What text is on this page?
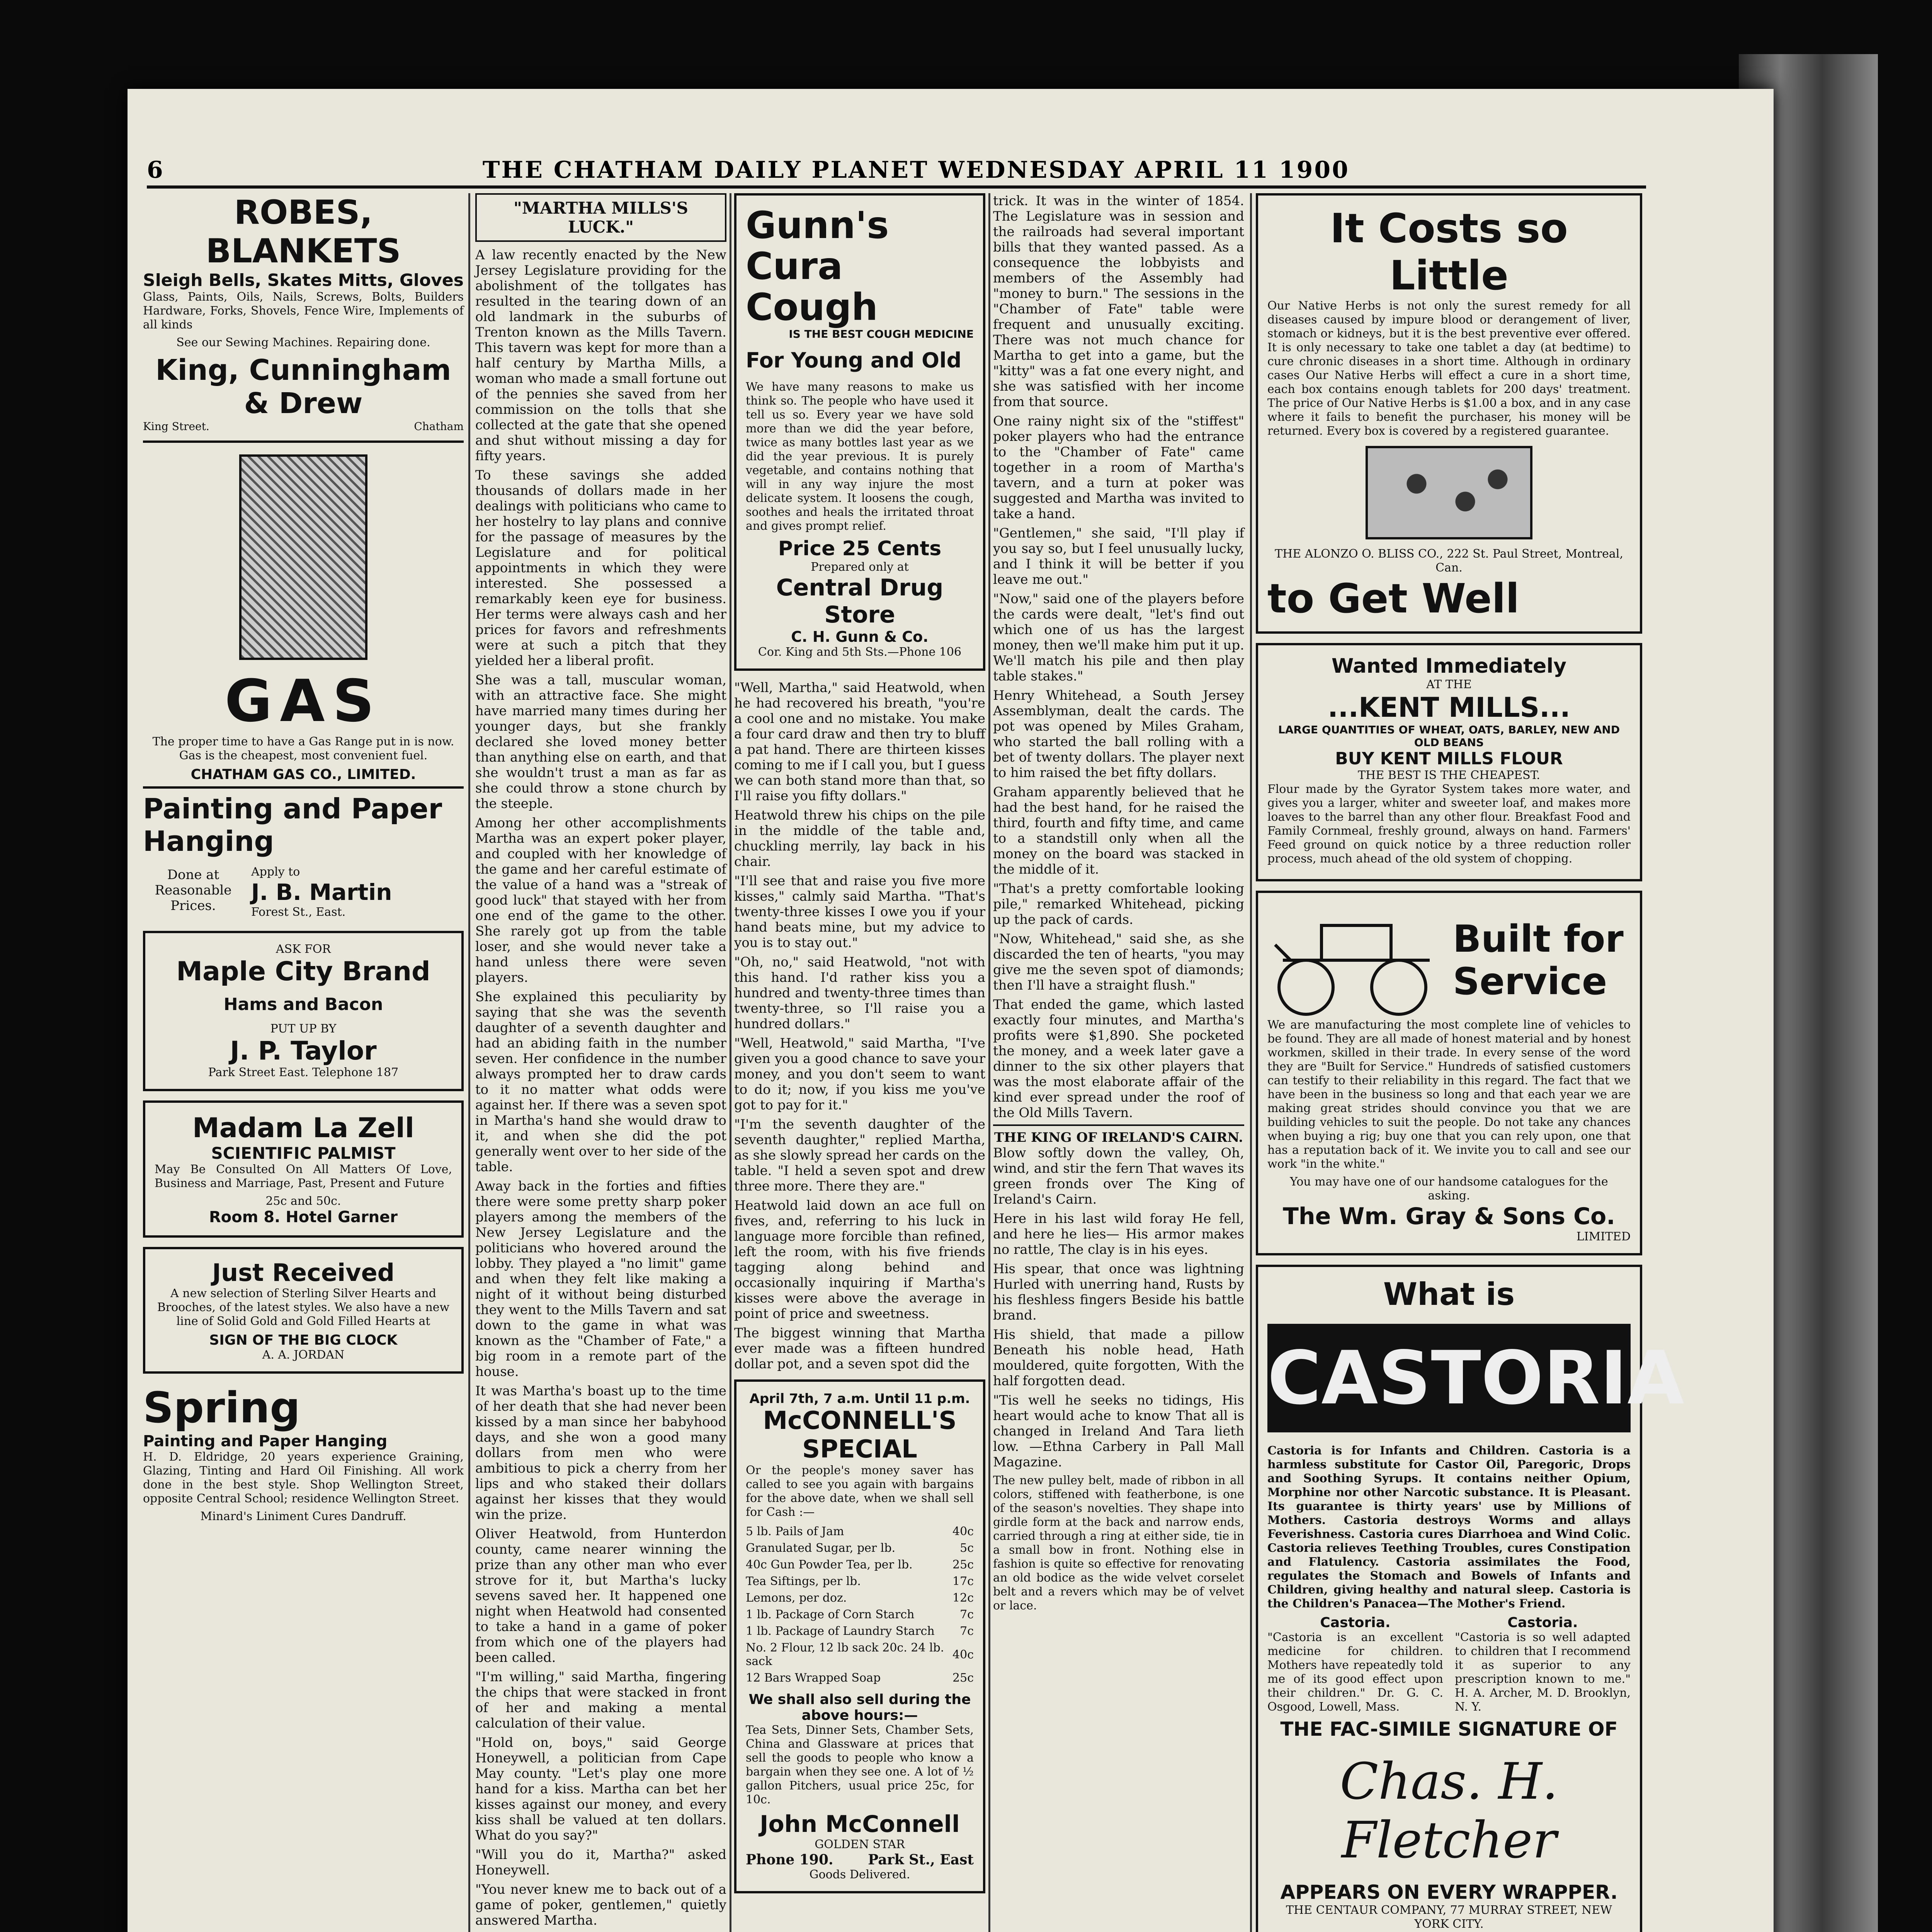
6	THE CHATHAM DAILY PLANET WEDNESDAY APRIL 11 1900
ROBES, BLANKETS
Sleigh Bells, Skates Mitts, Gloves

Glass, Paints, Oils, Nails, Screws, Bolts, Builders Hardware, Forks, Shovels, Fence Wire, Implements of all kinds

See our Sewing Machines. Repairing done.

King, Cunningham & Drew
King Street.	Chatham
GAS

The proper time to have a Gas Range put in is now. Gas is the cheapest, most convenient fuel.

CHATHAM GAS CO., LIMITED.
Painting and Paper Hanging

Done at Reasonable Prices.

Apply to
J. B. Martin
Forest St., East.
ASK FOR
Maple City Brand
Hams and Bacon
PUT UP BY
J. P. Taylor
Park Street East. Telephone 187
Madam La Zell
SCIENTIFIC PALMIST

May Be Consulted On All Matters Of Love, Business and Marriage, Past, Present and Future

25c and 50c.
Room 8. Hotel Garner
Just Received

A new selection of Sterling Silver Hearts and Brooches, of the latest styles. We also have a new line of Solid Gold and Gold Filled Hearts at

SIGN OF THE BIG CLOCK
A. A. JORDAN
Spring
Painting and Paper Hanging

H. D. Eldridge, 20 years experience Graining, Glazing, Tinting and Hard Oil Finishing. All work done in the best style. Shop Wellington Street, opposite Central School; residence Wellington Street.

Minard's Liniment Cures Dandruff.
"MARTHA MILLS'S LUCK."

A law recently enacted by the New Jersey Legislature providing for the abolishment of the tollgates has resulted in the tearing down of an old landmark in the suburbs of Trenton known as the Mills Tavern. This tavern was kept for more than a half century by Martha Mills, a woman who made a small fortune out of the pennies she saved from her commission on the tolls that she collected at the gate that she opened and shut without missing a day for fifty years.

To these savings she added thousands of dollars made in her dealings with politicians who came to her hostelry to lay plans and connive for the passage of measures by the Legislature and for political appointments in which they were interested. She possessed a remarkably keen eye for business. Her terms were always cash and her prices for favors and refreshments were at such a pitch that they yielded her a liberal profit.

She was a tall, muscular woman, with an attractive face. She might have married many times during her younger days, but she frankly declared she loved money better than anything else on earth, and that she wouldn't trust a man as far as she could throw a stone church by the steeple.

Among her other accomplishments Martha was an expert poker player, and coupled with her knowledge of the game and her careful estimate of the value of a hand was a "streak of good luck" that stayed with her from one end of the game to the other. She rarely got up from the table loser, and she would never take a hand unless there were seven players.

She explained this peculiarity by saying that she was the seventh daughter of a seventh daughter and had an abiding faith in the number seven. Her confidence in the number always prompted her to draw cards to it no matter what odds were against her. If there was a seven spot in Martha's hand she would draw to it, and when she did the pot generally went over to her side of the table.

Away back in the forties and fifties there were some pretty sharp poker players among the members of the New Jersey Legislature and the politicians who hovered around the lobby. They played a "no limit" game and when they felt like making a night of it without being disturbed they went to the Mills Tavern and sat down to the game in what was known as the "Chamber of Fate," a big room in a remote part of the house.

It was Martha's boast up to the time of her death that she had never been kissed by a man since her babyhood days, and she won a good many dollars from men who were ambitious to pick a cherry from her lips and who staked their dollars against her kisses that they would win the prize.

Oliver Heatwold, from Hunterdon county, came nearer winning the prize than any other man who ever strove for it, but Martha's lucky sevens saved her. It happened one night when Heatwold had consented to take a hand in a game of poker from which one of the players had been called.

"I'm willing," said Martha, fingering the chips that were stacked in front of her and making a mental calculation of their value.

"Hold on, boys," said George Honeywell, a politician from Cape May county. "Let's play one more hand for a kiss. Martha can bet her kisses against our money, and every kiss shall be valued at ten dollars. What do you say?"

"Will you do it, Martha?" asked Honeywell.

"You never knew me to back out of a game of poker, gentlemen," quietly answered Martha.

Gunn's Cura Cough
IS THE BEST COUGH MEDICINE
For Young and Old

We have many reasons to make us think so. The people who have used it tell us so. Every year we have sold more than we did the year before, twice as many bottles last year as we did the year previous. It is purely vegetable, and contains nothing that will in any way injure the most delicate system. It loosens the cough, soothes and heals the irritated throat and gives prompt relief.

Price 25 Cents
Prepared only at
Central Drug Store
C. H. Gunn & Co.
Cor. King and 5th Sts.—Phone 106

"Well, Martha," said Heatwold, when he had recovered his breath, "you're a cool one and no mistake. You make a four card draw and then try to bluff a pat hand. There are thirteen kisses coming to me if I call you, but I guess we can both stand more than that, so I'll raise you fifty dollars."

Heatwold threw his chips on the pile in the middle of the table and, chuckling merrily, lay back in his chair.

"I'll see that and raise you five more kisses," calmly said Martha. "That's twenty-three kisses I owe you if your hand beats mine, but my advice to you is to stay out."

"Oh, no," said Heatwold, "not with this hand. I'd rather kiss you a hundred and twenty-three times than twenty-three, so I'll raise you a hundred dollars."

"Well, Heatwold," said Martha, "I've given you a good chance to save your money, and you don't seem to want to do it; now, if you kiss me you've got to pay for it."

"I'm the seventh daughter of the seventh daughter," replied Martha, as she slowly spread her cards on the table. "I held a seven spot and drew three more. There they are."

Heatwold laid down an ace full on fives, and, referring to his luck in language more forcible than refined, left the room, with his five friends tagging along behind and occasionally inquiring if Martha's kisses were above the average in point of price and sweetness.

The biggest winning that Martha ever made was a fifteen hundred dollar pot, and a seven spot did the

April 7th, 7 a.m. Until 11 p.m.
McCONNELL'S SPECIAL

Or the people's money saver has called to see you again with bargains for the above date, when we shall sell for Cash :—

5 lb. Pails of Jam	40c
Granulated Sugar, per lb.	5c
40c Gun Powder Tea, per lb.	25c
Tea Siftings, per lb.	17c
Lemons, per doz.	12c
1 lb. Package of Corn Starch	7c
1 lb. Package of Laundry Starch	7c
No. 2 Flour, 12 lb sack 20c. 24 lb. sack	40c
12 Bars Wrapped Soap	25c
We shall also sell during the above hours:—

Tea Sets, Dinner Sets, Chamber Sets, China and Glassware at prices that sell the goods to people who know a bargain when they see one. A lot of ½ gallon Pitchers, usual price 25c, for 10c.

John McConnell
GOLDEN STAR
Phone 190. Park St., East
Goods Delivered.

trick. It was in the winter of 1854. The Legislature was in session and the railroads had several important bills that they wanted passed. As a consequence the lobbyists and members of the Assembly had "money to burn." The sessions in the "Chamber of Fate" table were frequent and unusually exciting. There was not much chance for Martha to get into a game, but the "kitty" was a fat one every night, and she was satisfied with her income from that source.

One rainy night six of the "stiffest" poker players who had the entrance to the "Chamber of Fate" came together in a room of Martha's tavern, and a turn at poker was suggested and Martha was invited to take a hand.

"Gentlemen," she said, "I'll play if you say so, but I feel unusually lucky, and I think it will be better if you leave me out."

"Now," said one of the players before the cards were dealt, "let's find out which one of us has the largest money, then we'll make him put it up. We'll match his pile and then play table stakes."

Henry Whitehead, a South Jersey Assemblyman, dealt the cards. The pot was opened by Miles Graham, who started the ball rolling with a bet of twenty dollars. The player next to him raised the bet fifty dollars.

Graham apparently believed that he had the best hand, for he raised the third, fourth and fifty time, and came to a standstill only when all the money on the board was stacked in the middle of it.

"That's a pretty comfortable looking pile," remarked Whitehead, picking up the pack of cards.

"Now, Whitehead," said she, as she discarded the ten of hearts, "you may give me the seven spot of diamonds; then I'll have a straight flush."

That ended the game, which lasted exactly four minutes, and Martha's profits were $1,890. She pocketed the money, and a week later gave a dinner to the six other players that was the most elaborate affair of the kind ever spread under the roof of the Old Mills Tavern.

THE KING OF IRELAND'S CAIRN.

Blow softly down the valley, Oh, wind, and stir the fern That waves its green fronds over The King of Ireland's Cairn.

Here in his last wild foray He fell, and here he lies— His armor makes no rattle, The clay is in his eyes.

His spear, that once was lightning Hurled with unerring hand, Rusts by his fleshless fingers Beside his battle brand.

His shield, that made a pillow Beneath his noble head, Hath mouldered, quite forgotten, With the half forgotten dead.

"Tis well he seeks no tidings, His heart would ache to know That all is changed in Ireland And Tara lieth low. —Ethna Carbery in Pall Mall Magazine.

The new pulley belt, made of ribbon in all colors, stiffened with featherbone, is one of the season's novelties. They shape into girdle form at the back and narrow ends, carried through a ring at either side, tie in a small bow in front. Nothing else in fashion is quite so effective for renovating an old bodice as the wide velvet corselet belt and a revers which may be of velvet or lace.

It Costs so Little

Our Native Herbs is not only the surest remedy for all diseases caused by impure blood or derangement of liver, stomach or kidneys, but it is the best preventive ever offered. It is only necessary to take one tablet a day (at bedtime) to cure chronic diseases in a short time. Although in ordinary cases Our Native Herbs will effect a cure in a short time, each box contains enough tablets for 200 days' treatment. The price of Our Native Herbs is $1.00 a box, and in any case where it fails to benefit the purchaser, his money will be returned. Every box is covered by a registered guarantee.

THE ALONZO O. BLISS CO., 222 St. Paul Street, Montreal, Can.
to Get Well
Wanted Immediately
AT THE
...KENT MILLS...
LARGE QUANTITIES OF WHEAT, OATS, BARLEY, NEW AND OLD BEANS
BUY KENT MILLS FLOUR
THE BEST IS THE CHEAPEST.

Flour made by the Gyrator System takes more water, and gives you a larger, whiter and sweeter loaf, and makes more loaves to the barrel than any other flour. Breakfast Food and Family Cornmeal, freshly ground, always on hand. Farmers' Feed ground on quick notice by a three reduction roller process, much ahead of the old system of chopping.

Built for Service

We are manufacturing the most complete line of vehicles to be found. They are all made of honest material and by honest workmen, skilled in their trade. In every sense of the word they are "Built for Service." Hundreds of satisfied customers can testify to their reliability in this regard. The fact that we have been in the business so long and that each year we are making great strides should convince you that we are building vehicles to suit the people. Do not take any chances when buying a rig; buy one that you can rely upon, one that has a reputation back of it. We invite you to call and see our work "in the white."

You may have one of our handsome catalogues for the asking.
The Wm. Gray & Sons Co.
LIMITED
What is
CASTORIA

Castoria is for Infants and Children. Castoria is a harmless substitute for Castor Oil, Paregoric, Drops and Soothing Syrups. It contains neither Opium, Morphine nor other Narcotic substance. It is Pleasant. Its guarantee is thirty years' use by Millions of Mothers. Castoria destroys Worms and allays Feverishness. Castoria cures Diarrhoea and Wind Colic. Castoria relieves Teething Troubles, cures Constipation and Flatulency. Castoria assimilates the Food, regulates the Stomach and Bowels of Infants and Children, giving healthy and natural sleep. Castoria is the Children's Panacea—The Mother's Friend.

Castoria.

"Castoria is an excellent medicine for children. Mothers have repeatedly told me of its good effect upon their children." Dr. G. C. Osgood, Lowell, Mass.

Castoria.

"Castoria is so well adapted to children that I recommend it as superior to any prescription known to me." H. A. Archer, M. D. Brooklyn, N. Y.

THE FAC-SIMILE SIGNATURE OF
Chas. H. Fletcher
APPEARS ON EVERY WRAPPER.
THE CENTAUR COMPANY, 77 MURRAY STREET, NEW YORK CITY.
